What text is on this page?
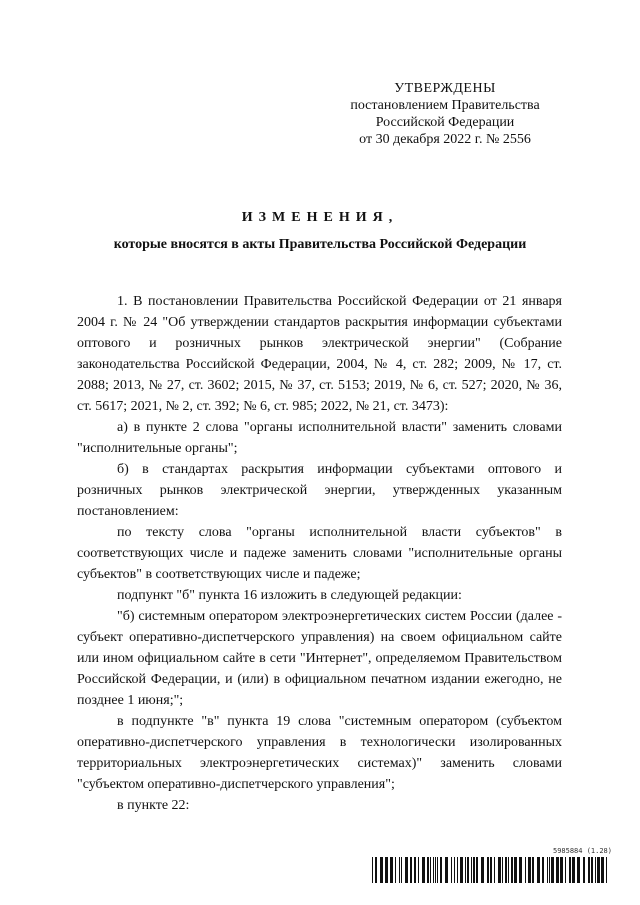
УТВЕРЖДЕНЫ
постановлением Правительства
Российской Федерации
от 30 декабря 2022 г. № 2556
ИЗМЕНЕНИЯ,
которые вносятся в акты Правительства Российской Федерации

1. В постановлении Правительства Российской Федерации от 21 января 2004 г. № 24 "Об утверждении стандартов раскрытия информации субъектами оптового и розничных рынков электрической энергии" (Собрание законодательства Российской Федерации, 2004, № 4, ст. 282; 2009, № 17, ст. 2088; 2013, № 27, ст. 3602; 2015, № 37, ст. 5153; 2019, № 6, ст. 527; 2020, № 36, ст. 5617; 2021, № 2, ст. 392; № 6, ст. 985; 2022, № 21, ст. 3473):

а) в пункте 2 слова "органы исполнительной власти" заменить словами "исполнительные органы";

б) в стандартах раскрытия информации субъектами оптового и розничных рынков электрической энергии, утвержденных указанным постановлением:

по тексту слова "органы исполнительной власти субъектов" в соответствующих числе и падеже заменить словами "исполнительные органы субъектов" в соответствующих числе и падеже;

подпункт "б" пункта 16 изложить в следующей редакции:

"б) системным оператором электроэнергетических систем России (далее - субъект оперативно-диспетчерского управления) на своем официальном сайте или ином официальном сайте в сети "Интернет", определяемом Правительством Российской Федерации, и (или) в официальном печатном издании ежегодно, не позднее 1 июня;";

в подпункте "в" пункта 19 слова "системным оператором (субъектом оперативно-диспетчерского управления в технологически изолированных территориальных электроэнергетических системах)" заменить словами "субъектом оперативно-диспетчерского управления";

в пункте 22:

5985884 (1.28)
